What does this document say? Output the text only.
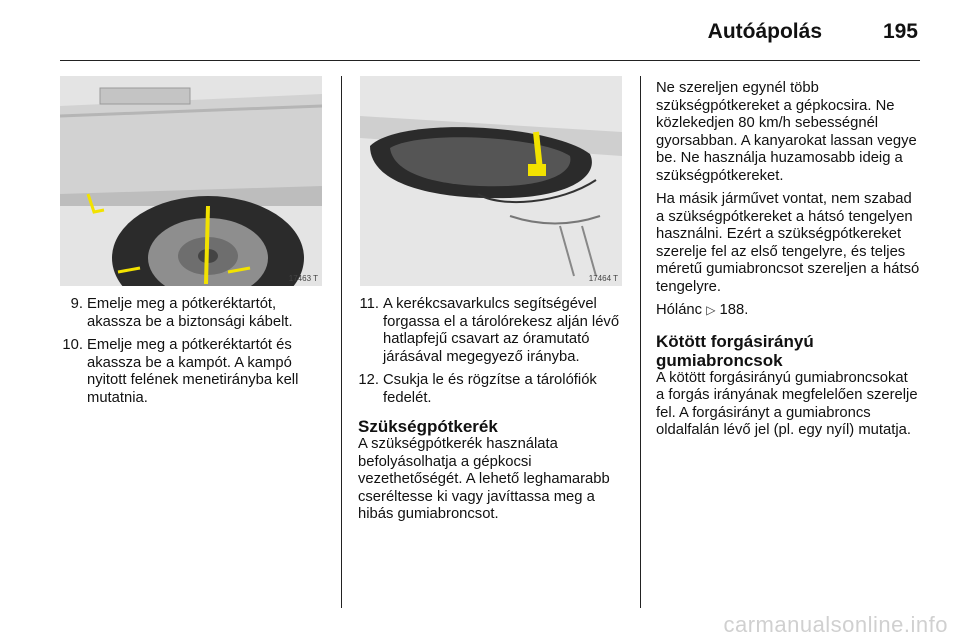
Autóápolás	195
17463 T	17464 T
9. Emelje meg a pótkeréktartót, akassza be a biztonsági kábelt.
10. Emelje meg a pótkeréktartót és akassza be a kampót. A kampó nyitott felének menetirányba kell mutatnia.
11. A kerékcsavarkulcs segítségével forgassa el a tárolórekesz alján lévő hatlapfejű csavart az óramutató járásával megegyező irányba.
12. Csukja le és rögzítse a tárolófiók fedelét.
Szükségpótkerék

A szükségpótkerék használata befolyásolhatja a gépkocsi vezethetőségét. A lehető leghamarabb cseréltesse ki vagy javíttassa meg a hibás gumiabroncsot.

Ne szereljen egynél több szükségpótkereket a gépkocsira. Ne közlekedjen 80 km/h sebességnél gyorsabban. A kanyarokat lassan vegye be. Ne használja huzamosabb ideig a szükségpótkereket.

Ha másik járművet vontat, nem szabad a szükségpótkereket a hátsó tengelyen használni. Ezért a szükségpótkereket szerelje fel az első tengelyre, és teljes méretű gumiabroncsot szereljen a hátsó tengelyre.

Hólánc ▷ 188.

Kötött forgásirányú gumiabroncsok

A kötött forgásirányú gumiabroncsokat a forgás irányának megfelelően szerelje fel. A forgásirányt a gumiabroncs oldalfalán lévő jel (pl. egy nyíl) mutatja.

carmanualsonline.info
